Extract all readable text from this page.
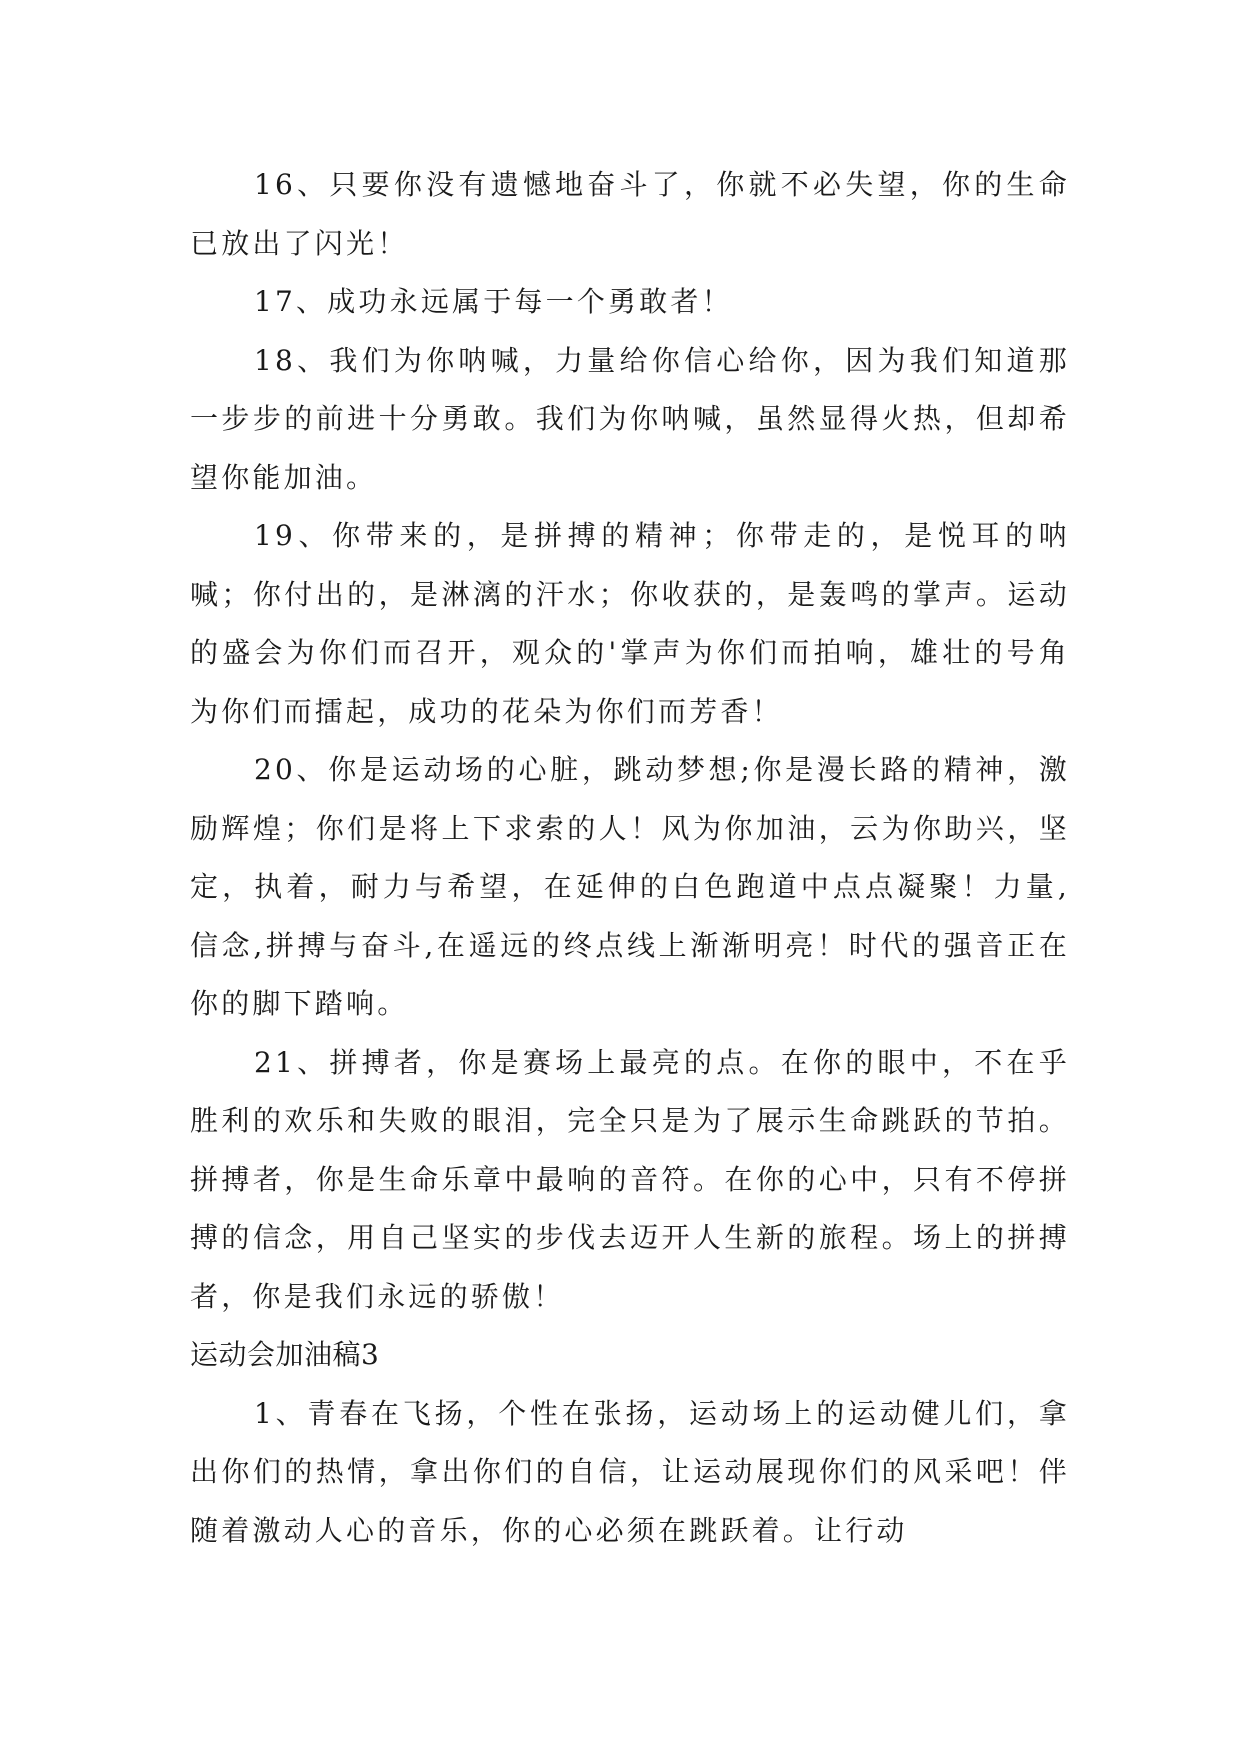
16、只要你没有遗憾地奋斗了，你就不必失望，你的生命已放出了闪光！

17、成功永远属于每一个勇敢者！

18、我们为你呐喊，力量给你信心给你，因为我们知道那一步步的前进十分勇敢。我们为你呐喊，虽然显得火热，但却希望你能加油。

19、你带来的，是拼搏的精神；你带走的，是悦耳的呐喊；你付出的，是淋漓的汗水；你收获的，是轰鸣的掌声。运动的盛会为你们而召开，观众的'掌声为你们而拍响，雄壮的号角为你们而擂起，成功的花朵为你们而芳香！

20、你是运动场的心脏，跳动梦想;你是漫长路的精神，激励辉煌；你们是将上下求索的人！风为你加油，云为你助兴，坚定，执着，耐力与希望，在延伸的白色跑道中点点凝聚！力量,信念,拼搏与奋斗,在遥远的终点线上渐渐明亮！时代的强音正在你的脚下踏响。

21、拼搏者，你是赛场上最亮的点。在你的眼中，不在乎胜利的欢乐和失败的眼泪，完全只是为了展示生命跳跃的节拍。拼搏者，你是生命乐章中最响的音符。在你的心中，只有不停拼搏的信念，用自己坚实的步伐去迈开人生新的旅程。场上的拼搏者，你是我们永远的骄傲！

运动会加油稿3

1、青春在飞扬，个性在张扬，运动场上的运动健儿们，拿出你们的热情，拿出你们的自信，让运动展现你们的风采吧！伴随着激动人心的音乐，你的心必须在跳跃着。让行动
